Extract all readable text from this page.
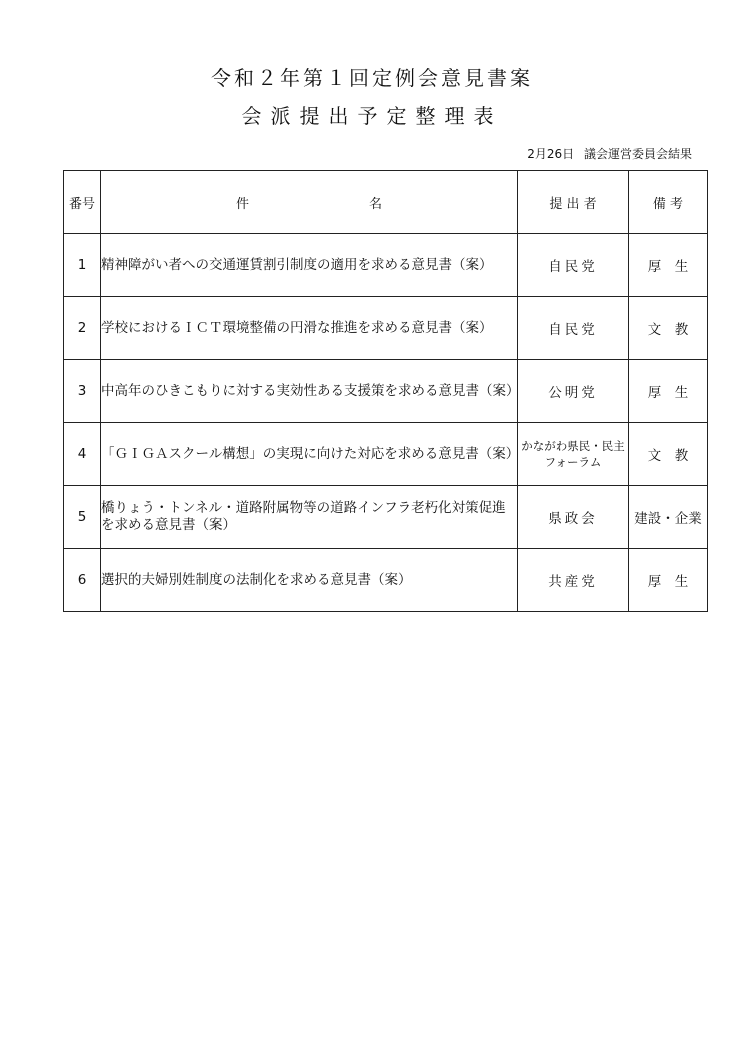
令和２年第１回定例会意見書案
会派提出予定整理表
2月26日 議会運営委員会結果
番号	件 名	提 出 者	備 考
1	精神障がい者への交通運賃割引制度の適用を求める意見書（案）	自民党	厚　生
2	学校におけるＩＣＴ環境整備の円滑な推進を求める意見書（案）	自民党	文　教
3	中高年のひきこもりに対する実効性ある支援策を求める意見書（案）	公明党	厚　生
4	「ＧＩＧＡスクール構想」の実現に向けた対応を求める意見書（案）	かながわ県民・民主フォーラム	文　教
5	橋りょう・トンネル・道路附属物等の道路インフラ老朽化対策促進を求める意見書（案）	県政会	建設・企業
6	選択的夫婦別姓制度の法制化を求める意見書（案）	共産党	厚　生
